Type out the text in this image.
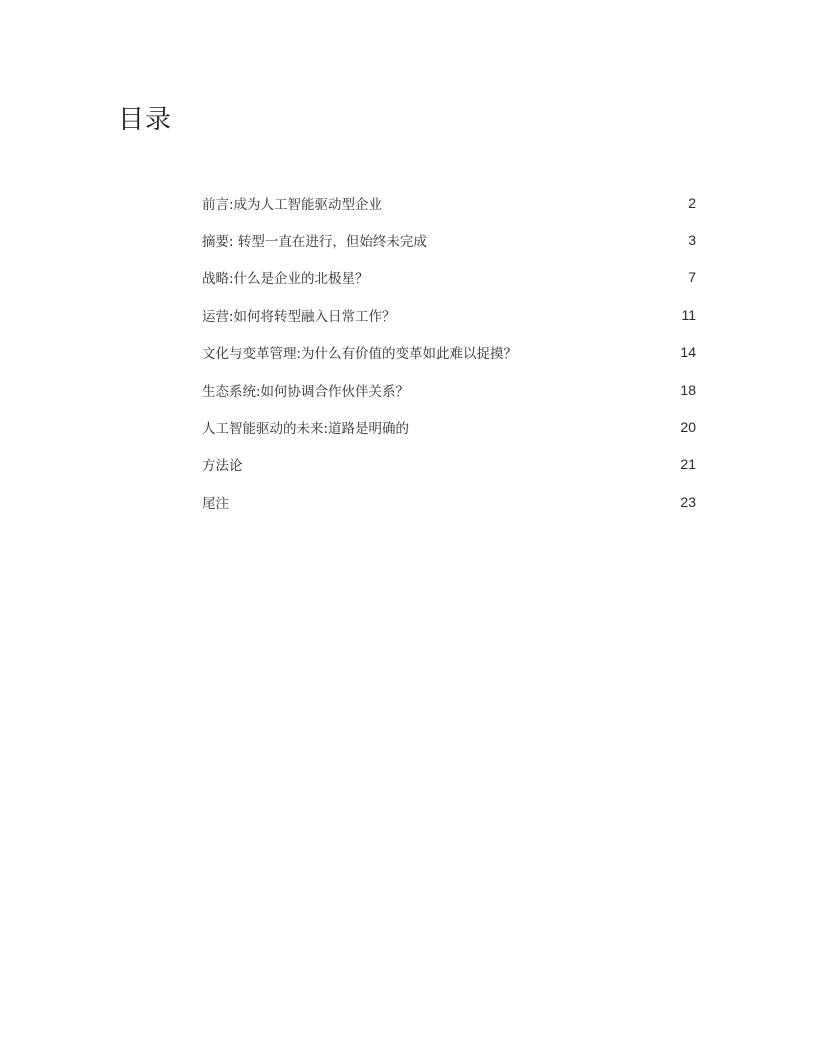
目录
前言:成为人工智能驱动型企业	2
摘要: 转型一直在进行，但始终未完成	3
战略:什么是企业的北极星？	7
运营:如何将转型融入日常工作？	11
文化与变革管理:为什么有价值的变革如此难以捉摸？	14
生态系统:如何协调合作伙伴关系？	18
人工智能驱动的未来:道路是明确的	20
方法论	21
尾注	23
